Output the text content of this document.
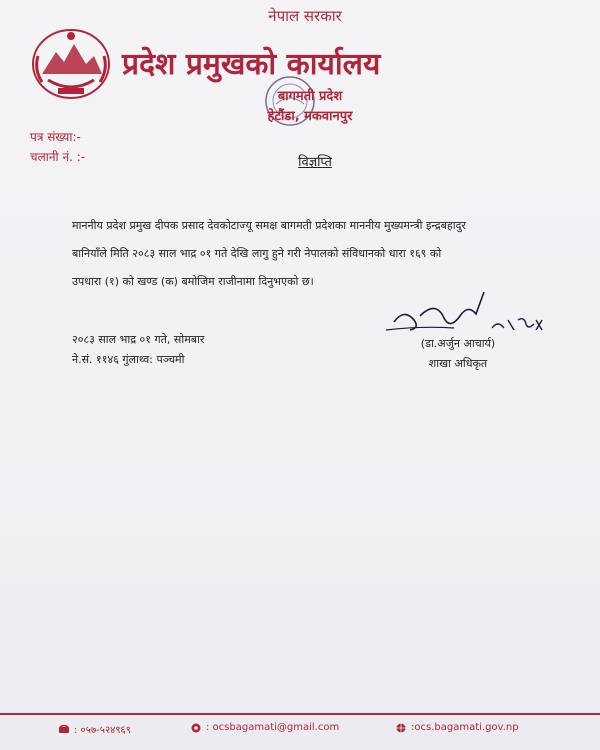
नेपाल सरकार
प्रदेश प्रमुखको कार्यालय
बागमती प्रदेश
हेटौंडा, मकवानपुर
पत्र संख्या:-
चलानी नं. :-	विज्ञप्ति
माननीय प्रदेश प्रमुख दीपक प्रसाद देवकोटाज्यू समक्ष बागमती प्रदेशका माननीय मुख्यमन्त्री इन्द्रबहादुर
बानियाँले मिति २०८३ साल भाद्र ०१ गते देखि लागु हुने गरी नेपालको संविधानको धारा १६९ को
उपधारा (१) को खण्ड (क) बमोजिम राजीनामा दिनुभएको छ।
२०८३ साल भाद्र ०१ गते, सोमबार
ने.सं. ११४६ गुंलाथ्व: पञ्चमी
(डा.अर्जुन आचार्य)
शाखा अधिकृत
: ०५७-५२४९६९	: ocsbagamati@gmail.com	:ocs.bagamati.gov.np
